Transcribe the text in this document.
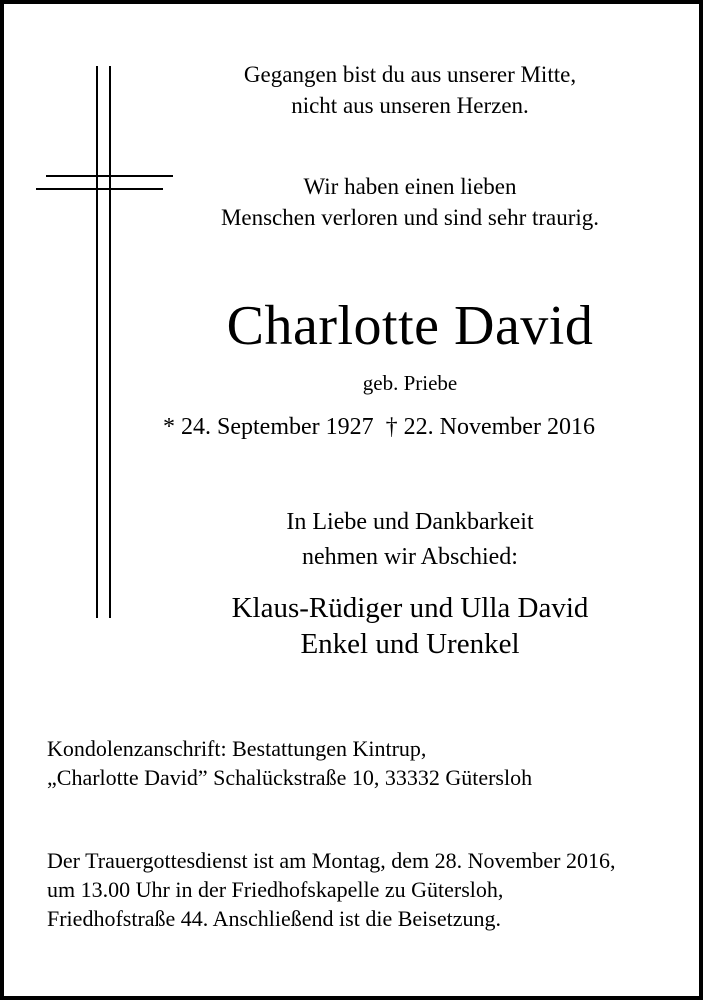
Gegangen bist du aus unserer Mitte,
nicht aus unseren Herzen.
Wir haben einen lieben
Menschen verloren und sind sehr traurig.
Charlotte David
geb. Priebe
* 24. September 1927 † 22. November 2016
In Liebe und Dankbarkeit
nehmen wir Abschied:
Klaus-Rüdiger und Ulla David
Enkel und Urenkel
Kondolenzanschrift: Bestattungen Kintrup,
„Charlotte David” Schalückstraße 10, 33332 Gütersloh
Der Trauergottesdienst ist am Montag, dem 28. November 2016,
um 13.00 Uhr in der Friedhofskapelle zu Gütersloh,
Friedhofstraße 44. Anschließend ist die Beisetzung.
